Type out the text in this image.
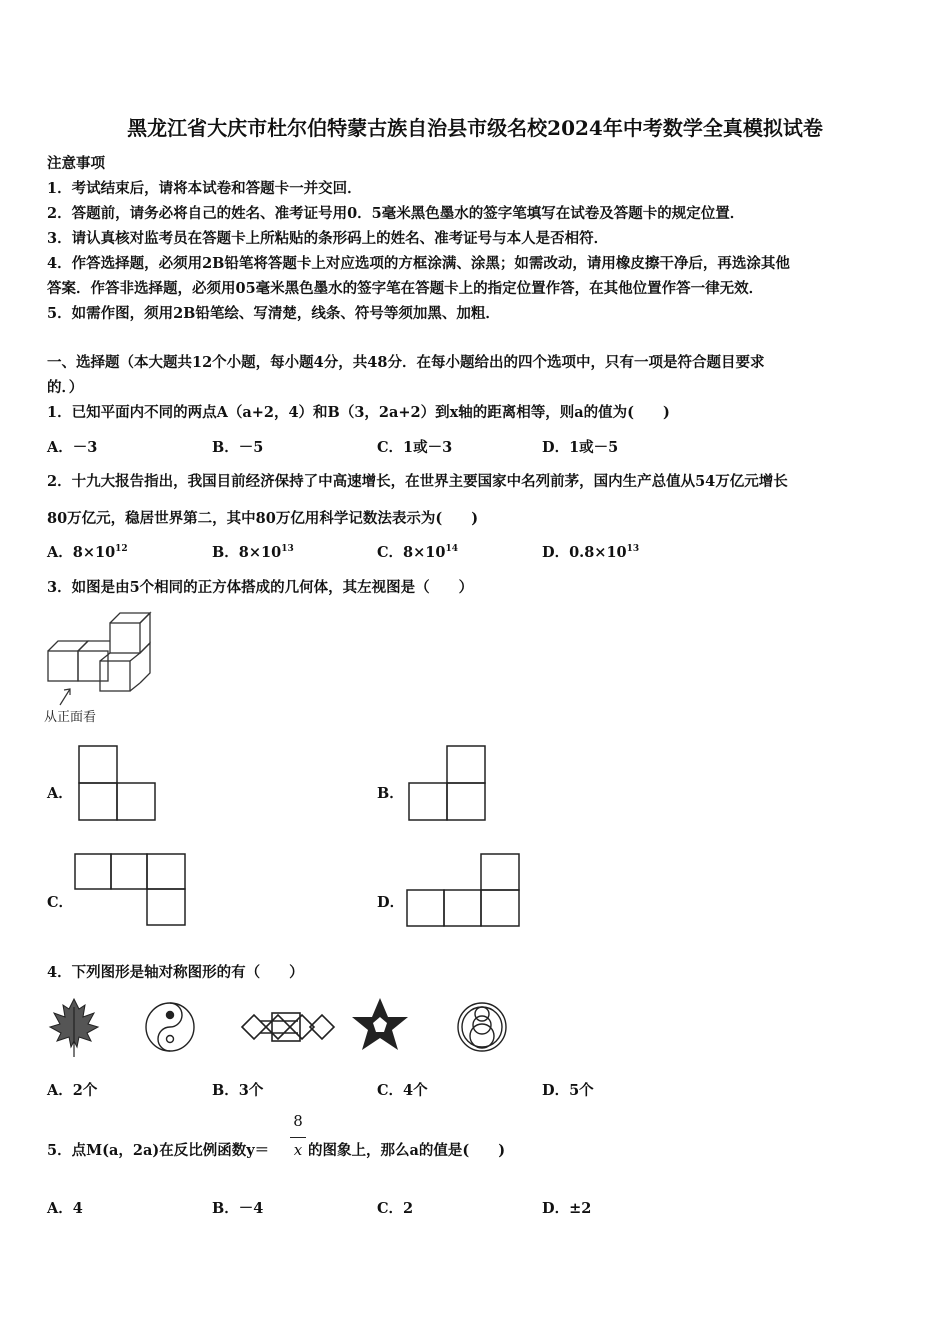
黑龙江省大庆市杜尔伯特蒙古族自治县市级名校2024年中考数学全真模拟试卷
注意事项
1．考试结束后，请将本试卷和答题卡一并交回．
2．答题前，请务必将自己的姓名、准考证号用0．5毫米黑色墨水的签字笔填写在试卷及答题卡的规定位置．
3．请认真核对监考员在答题卡上所粘贴的条形码上的姓名、准考证号与本人是否相符．
4．作答选择题，必须用2B铅笔将答题卡上对应选项的方框涂满、涂黑；如需改动，请用橡皮擦干净后，再选涂其他
答案．作答非选择题，必须用05毫米黑色墨水的签字笔在答题卡上的指定位置作答，在其他位置作答一律无效．
5．如需作图，须用2B铅笔绘、写清楚，线条、符号等须加黑、加粗．
一、选择题（本大题共12个小题，每小题4分，共48分．在每小题给出的四个选项中，只有一项是符合题目要求
的．）
1．已知平面内不同的两点A（a+2，4）和B（3，2a+2）到x轴的距离相等，则a的值为(　　)
A．－3	B．－5	C．1或－3	D．1或－5
2．十九大报告指出，我国目前经济保持了中高速增长，在世界主要国家中名列前茅，国内生产总值从54万亿元增长
80万亿元，稳居世界第二，其中80万亿用科学记数法表示为(　　)
A．$8\times 10^{12}$	B．$8\times 10^{13}$	C．$8\times 10^{14}$	D．$0.8\times 10^{13}$
3．如图是由5个相同的正方体搭成的几何体，其左视图是（　　）
从正面看
A．	B．
C．	D．
4．下列图形是轴对称图形的有（　　）
A．2个	B．3个	C．4个	D．5个
5．点M(a，2a)在反比例函数y＝
8
x 的图象上，那么a的值是(　　)
A．4	B．－4	C．2	D．±2
